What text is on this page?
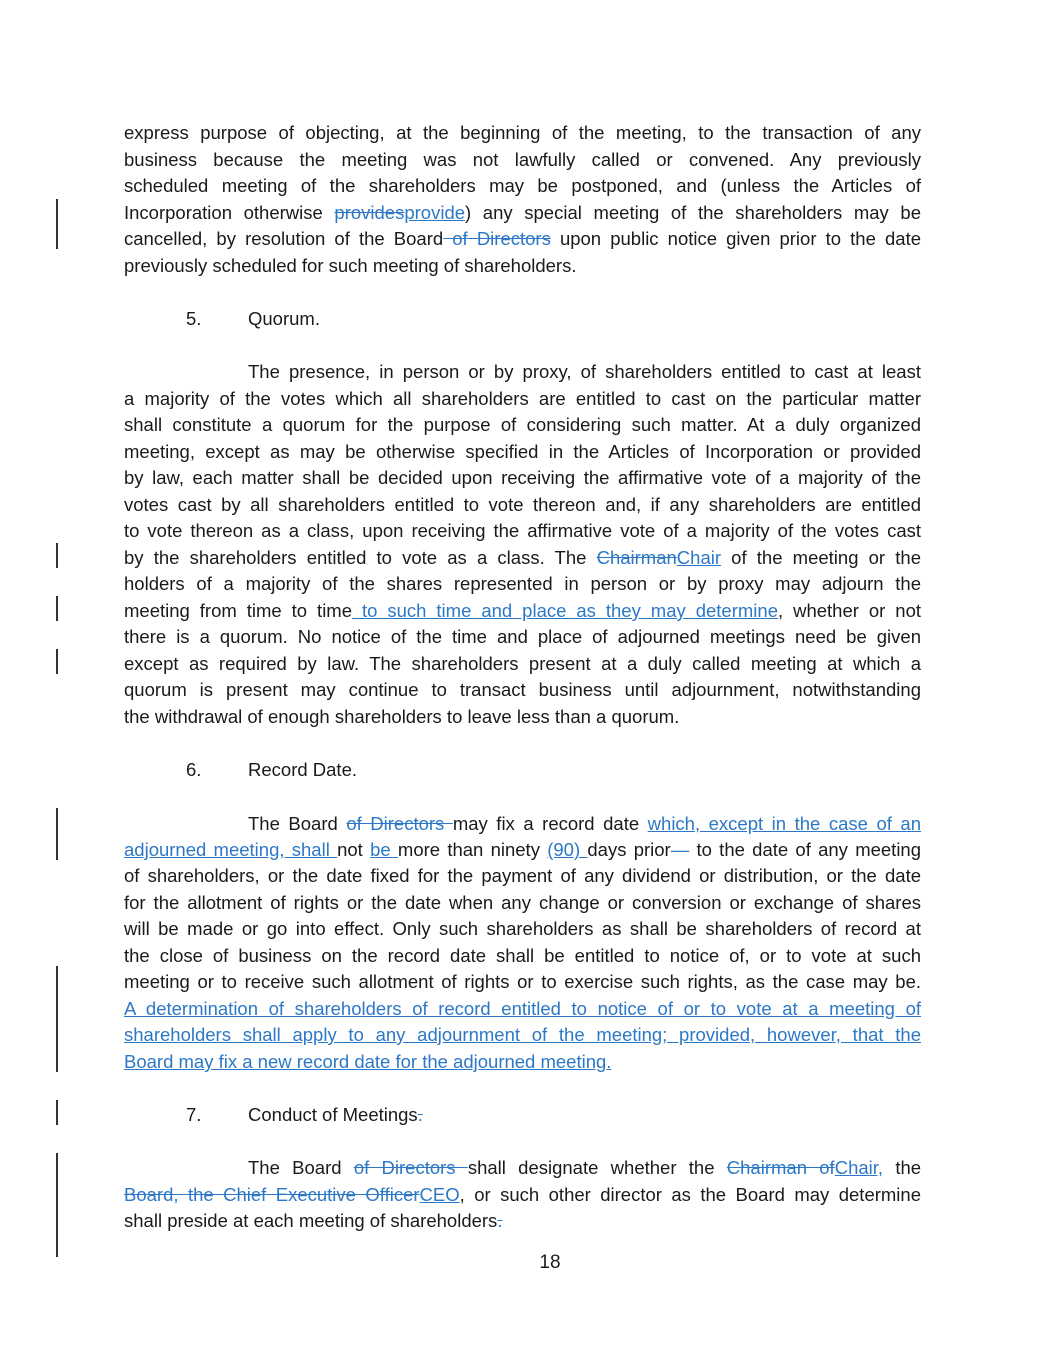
express purpose of objecting, at the beginning of the meeting, to the transaction of any
business because the meeting was not lawfully called or convened. Any previously
scheduled meeting of the shareholders may be postponed, and (unless the Articles of
Incorporation otherwise providesprovide) any special meeting of the shareholders may be
cancelled, by resolution of the Board of Directors upon public notice given prior to the date
previously scheduled for such meeting of shareholders.
5.	Quorum.
The presence, in person or by proxy, of shareholders entitled to cast at least
a majority of the votes which all shareholders are entitled to cast on the particular matter
shall constitute a quorum for the purpose of considering such matter. At a duly organized
meeting, except as may be otherwise specified in the Articles of Incorporation or provided
by law, each matter shall be decided upon receiving the affirmative vote of a majority of the
votes cast by all shareholders entitled to vote thereon and, if any shareholders are entitled
to vote thereon as a class, upon receiving the affirmative vote of a majority of the votes cast
by the shareholders entitled to vote as a class. The ChairmanChair of the meeting or the
holders of a majority of the shares represented in person or by proxy may adjourn the
meeting from time to time to such time and place as they may determine, whether or not
there is a quorum. No notice of the time and place of adjourned meetings need be given
except as required by law. The shareholders present at a duly called meeting at which a
quorum is present may continue to transact business until adjournment, notwithstanding
the withdrawal of enough shareholders to leave less than a quorum.
6.	Record Date.
The Board of Directors may fix a record date which, except in the case of an
adjourned meeting, shall not be more than ninety (90) days prior— to the date of any meeting
of shareholders, or the date fixed for the payment of any dividend or distribution, or the date
for the allotment of rights or the date when any change or conversion or exchange of shares
will be made or go into effect. Only such shareholders as shall be shareholders of record at
the close of business on the record date shall be entitled to notice of, or to vote at such
meeting or to receive such allotment of rights or to exercise such rights, as the case may be.
A determination of shareholders of record entitled to notice of or to vote at a meeting of
shareholders shall apply to any adjournment of the meeting; provided, however, that the
Board may fix a new record date for the adjourned meeting.
7.	Conduct of Meetings.
The Board of Directors shall designate whether the Chairman ofChair, the
Board, the Chief Executive OfficerCEO, or such other director as the Board may determine
shall preside at each meeting of shareholders.
18
